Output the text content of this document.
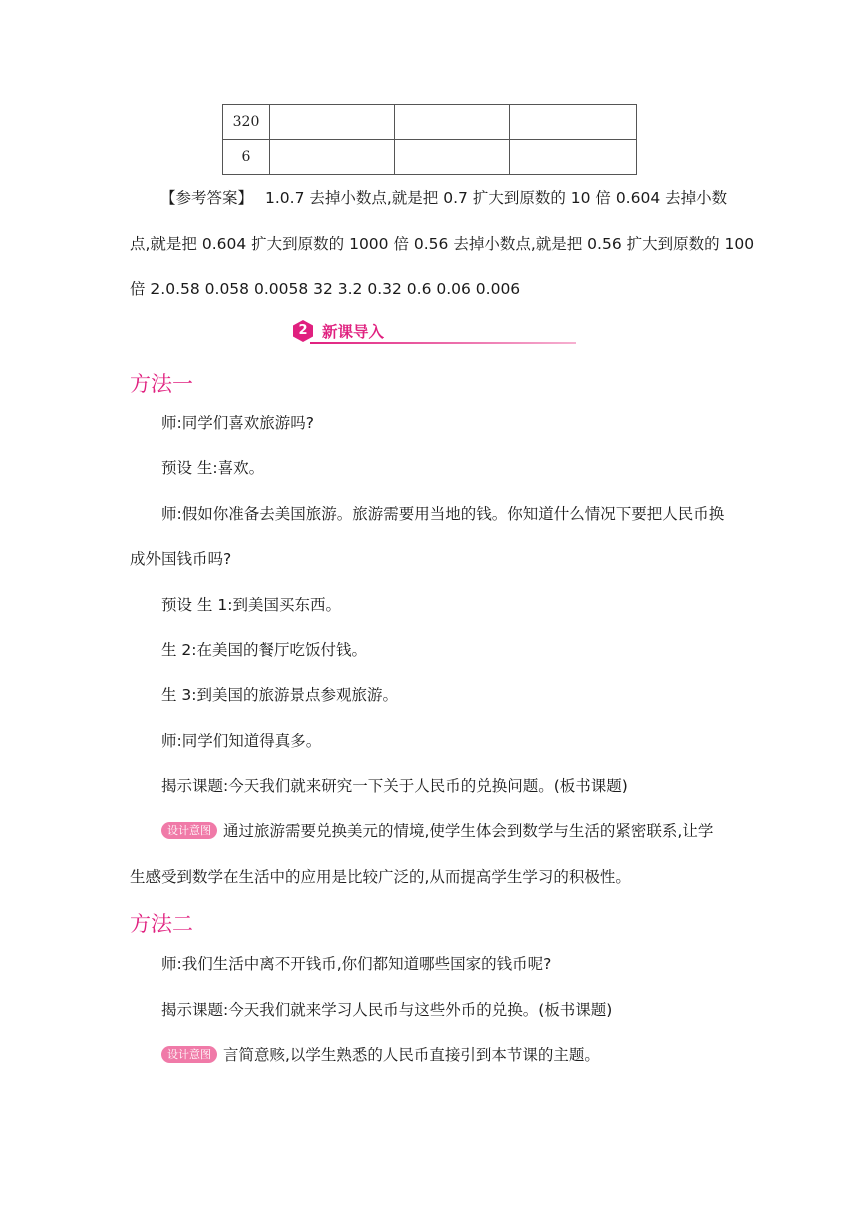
320			
6			
【参考答案】 1.0.7 去掉小数点,就是把 0.7 扩大到原数的 10 倍 0.604 去掉小数
点,就是把 0.604 扩大到原数的 1000 倍 0.56 去掉小数点,就是把 0.56 扩大到原数的 100
倍 2.0.58 0.058 0.0058 32 3.2 0.32 0.6 0.06 0.006
2 新课导入
方法一
师:同学们喜欢旅游吗?
预设 生:喜欢。
师:假如你准备去美国旅游。旅游需要用当地的钱。你知道什么情况下要把人民币换
成外国钱币吗?
预设 生 1:到美国买东西。
生 2:在美国的餐厅吃饭付钱。
生 3:到美国的旅游景点参观旅游。
师:同学们知道得真多。
揭示课题:今天我们就来研究一下关于人民币的兑换问题。(板书课题)
设计意图 通过旅游需要兑换美元的情境,使学生体会到数学与生活的紧密联系,让学
生感受到数学在生活中的应用是比较广泛的,从而提高学生学习的积极性。
方法二
师:我们生活中离不开钱币,你们都知道哪些国家的钱币呢?
揭示课题:今天我们就来学习人民币与这些外币的兑换。(板书课题)
设计意图 言简意赅,以学生熟悉的人民币直接引到本节课的主题。
